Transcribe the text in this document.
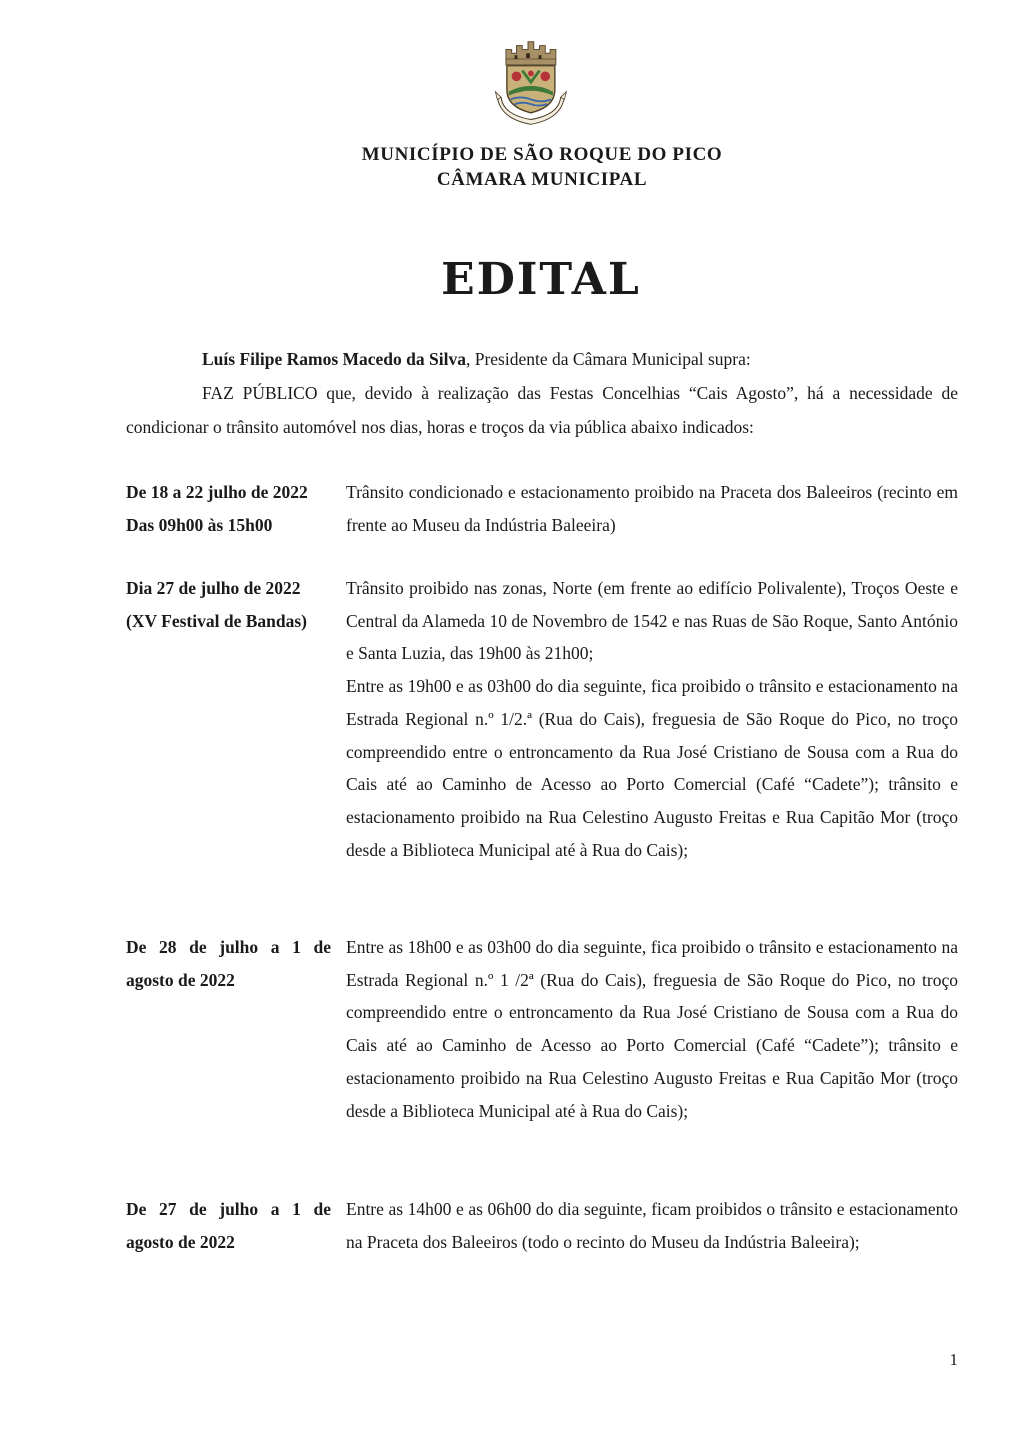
MUNICÍPIO DE SÃO ROQUE DO PICO
CÂMARA MUNICIPAL
EDITAL
Luís Filipe Ramos Macedo da Silva, Presidente da Câmara Municipal supra:
FAZ PÚBLICO que, devido à realização das Festas Concelhias “Cais Agosto”, há a necessidade de condicionar o trânsito automóvel nos dias, horas e troços da via pública abaixo indicados:
De 18 a 22 julho de 2022
Das 09h00 às 15h00

Trânsito condicionado e estacionamento proibido na Praceta dos Baleeiros (recinto em frente ao Museu da Indústria Baleeira)

Dia 27 de julho de 2022
(XV Festival de Bandas)

Trânsito proibido nas zonas, Norte (em frente ao edifício Polivalente), Troços Oeste e Central da Alameda 10 de Novembro de 1542 e nas Ruas de São Roque, Santo António e Santa Luzia, das 19h00 às 21h00;

Entre as 19h00 e as 03h00 do dia seguinte, fica proibido o trânsito e estacionamento na Estrada Regional n.º 1/2.ª (Rua do Cais), freguesia de São Roque do Pico, no troço compreendido entre o entroncamento da Rua José Cristiano de Sousa com a Rua do Cais até ao Caminho de Acesso ao Porto Comercial (Café “Cadete”); trânsito e estacionamento proibido na Rua Celestino Augusto Freitas e Rua Capitão Mor (troço desde a Biblioteca Municipal até à Rua do Cais);

De 28 de julho a 1 de agosto de 2022

Entre as 18h00 e as 03h00 do dia seguinte, fica proibido o trânsito e estacionamento na Estrada Regional n.º 1 /2ª (Rua do Cais), freguesia de São Roque do Pico, no troço compreendido entre o entroncamento da Rua José Cristiano de Sousa com a Rua do Cais até ao Caminho de Acesso ao Porto Comercial (Café “Cadete”); trânsito e estacionamento proibido na Rua Celestino Augusto Freitas e Rua Capitão Mor (troço desde a Biblioteca Municipal até à Rua do Cais);

De 27 de julho a 1 de agosto de 2022

Entre as 14h00 e as 06h00 do dia seguinte, ficam proibidos o trânsito e estacionamento na Praceta dos Baleeiros (todo o recinto do Museu da Indústria Baleeira);

1
